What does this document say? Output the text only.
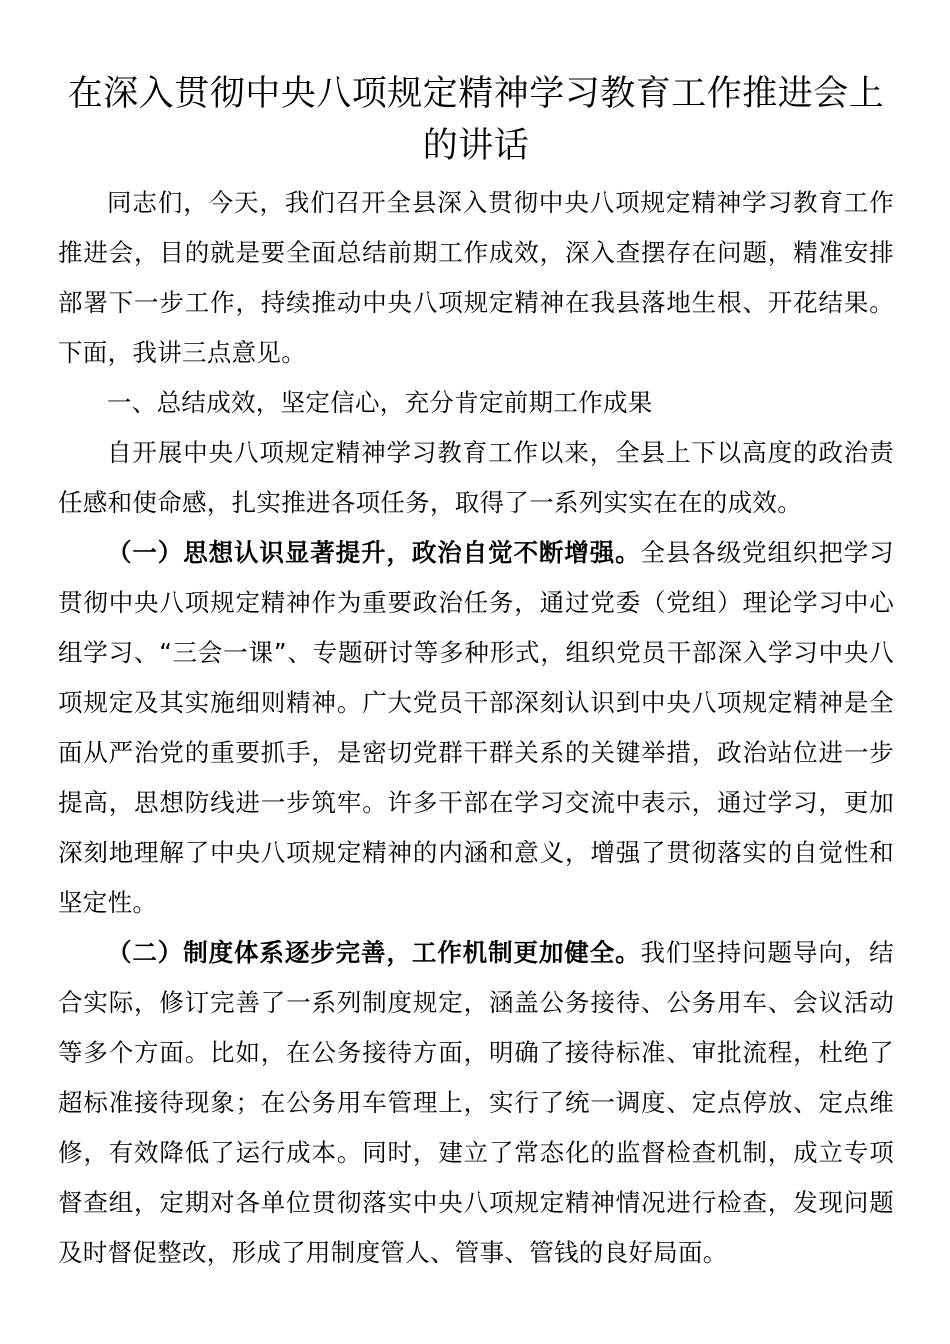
在深入贯彻中央八项规定精神学习教育工作推进会上的讲话

同志们，今天，我们召开全县深入贯彻中央八项规定精神学习教育工作推进会，目的就是要全面总结前期工作成效，深入查摆存在问题，精准安排部署下一步工作，持续推动中央八项规定精神在我县落地生根、开花结果。下面，我讲三点意见。

一、总结成效，坚定信心，充分肯定前期工作成果

自开展中央八项规定精神学习教育工作以来，全县上下以高度的政治责任感和使命感，扎实推进各项任务，取得了一系列实实在在的成效。

（一）思想认识显著提升，政治自觉不断增强。全县各级党组织把学习贯彻中央八项规定精神作为重要政治任务，通过党委（党组）理论学习中心组学习、“三会一课”、专题研讨等多种形式，组织党员干部深入学习中央八项规定及其实施细则精神。广大党员干部深刻认识到中央八项规定精神是全面从严治党的重要抓手，是密切党群干群关系的关键举措，政治站位进一步提高，思想防线进一步筑牢。许多干部在学习交流中表示，通过学习，更加深刻地理解了中央八项规定精神的内涵和意义，增强了贯彻落实的自觉性和坚定性。

（二）制度体系逐步完善，工作机制更加健全。我们坚持问题导向，结合实际，修订完善了一系列制度规定，涵盖公务接待、公务用车、会议活动等多个方面。比如，在公务接待方面，明确了接待标准、审批流程，杜绝了超标准接待现象；在公务用车管理上，实行了统一调度、定点停放、定点维修，有效降低了运行成本。同时，建立了常态化的监督检查机制，成立专项督查组，定期对各单位贯彻落实中央八项规定精神情况进行检查，发现问题及时督促整改，形成了用制度管人、管事、管钱的良好局面。
